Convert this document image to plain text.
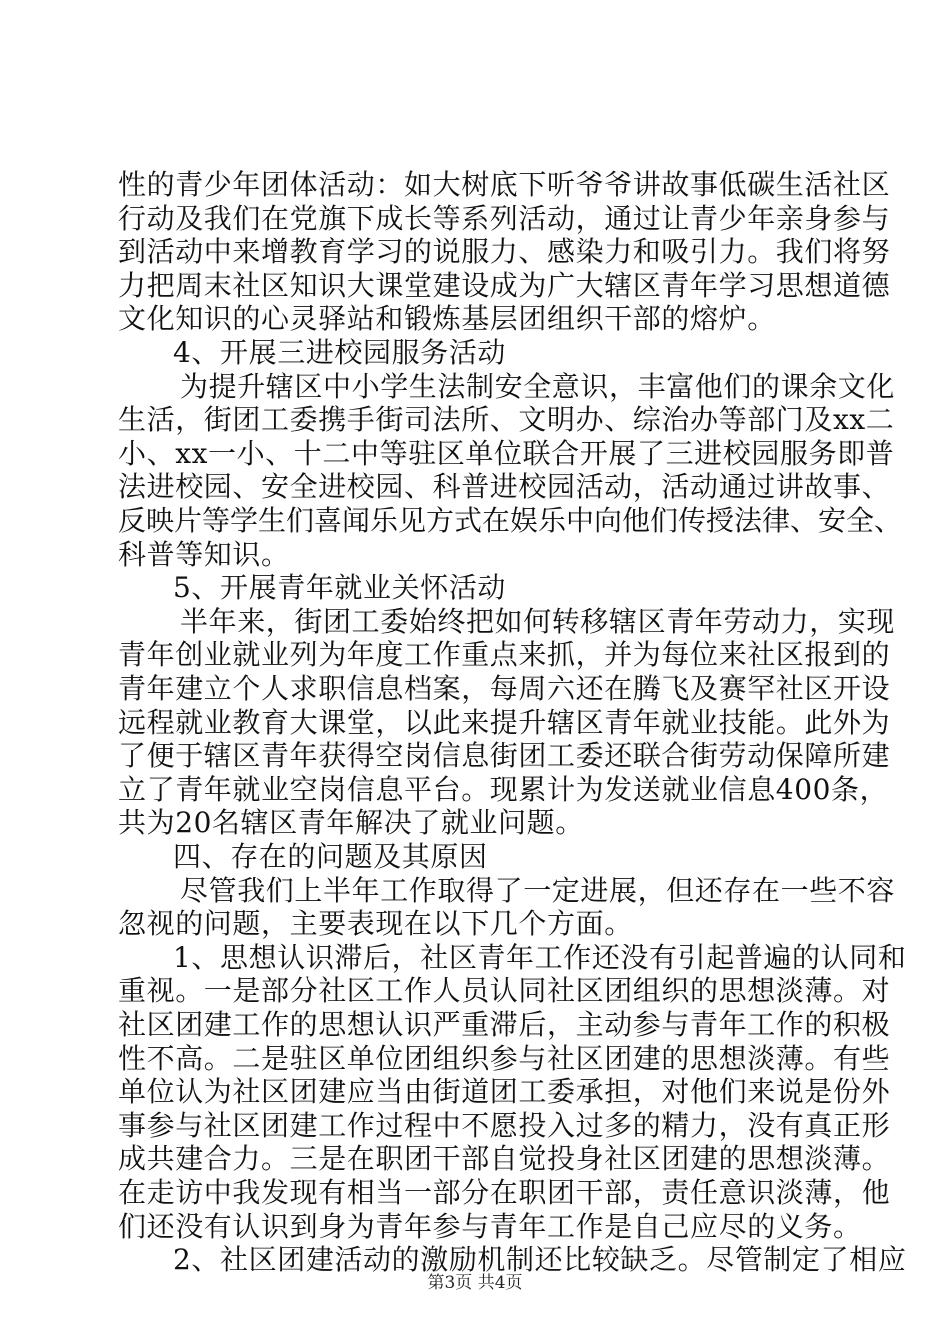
性的青少年团体活动：如大树底下听爷爷讲故事低碳生活社区
行动及我们在党旗下成长等系列活动，通过让青少年亲身参与
到活动中来增教育学习的说服力、感染力和吸引力。我们将努
力把周末社区知识大课堂建设成为广大辖区青年学习思想道德
文化知识的心灵驿站和锻炼基层团组织干部的熔炉。
4、开展三进校园服务活动
为提升辖区中小学生法制安全意识，丰富他们的课余文化
生活，街团工委携手街司法所、文明办、综治办等部门及xx二
小、xx一小、十二中等驻区单位联合开展了三进校园服务即普
法进校园、安全进校园、科普进校园活动，活动通过讲故事、
反映片等学生们喜闻乐见方式在娱乐中向他们传授法律、安全、
科普等知识。
5、开展青年就业关怀活动
半年来，街团工委始终把如何转移辖区青年劳动力，实现
青年创业就业列为年度工作重点来抓，并为每位来社区报到的
青年建立个人求职信息档案，每周六还在腾飞及赛罕社区开设
远程就业教育大课堂，以此来提升辖区青年就业技能。此外为
了便于辖区青年获得空岗信息街团工委还联合街劳动保障所建
立了青年就业空岗信息平台。现累计为发送就业信息400条，
共为20名辖区青年解决了就业问题。
四、存在的问题及其原因
尽管我们上半年工作取得了一定进展，但还存在一些不容
忽视的问题，主要表现在以下几个方面。
1、思想认识滞后，社区青年工作还没有引起普遍的认同和
重视。一是部分社区工作人员认同社区团组织的思想淡薄。对
社区团建工作的思想认识严重滞后，主动参与青年工作的积极
性不高。二是驻区单位团组织参与社区团建的思想淡薄。有些
单位认为社区团建应当由街道团工委承担，对他们来说是份外
事参与社区团建工作过程中不愿投入过多的精力，没有真正形
成共建合力。三是在职团干部自觉投身社区团建的思想淡薄。
在走访中我发现有相当一部分在职团干部，责任意识淡薄，他
们还没有认识到身为青年参与青年工作是自己应尽的义务。
2、社区团建活动的激励机制还比较缺乏。尽管制定了相应
第3页 共4页
